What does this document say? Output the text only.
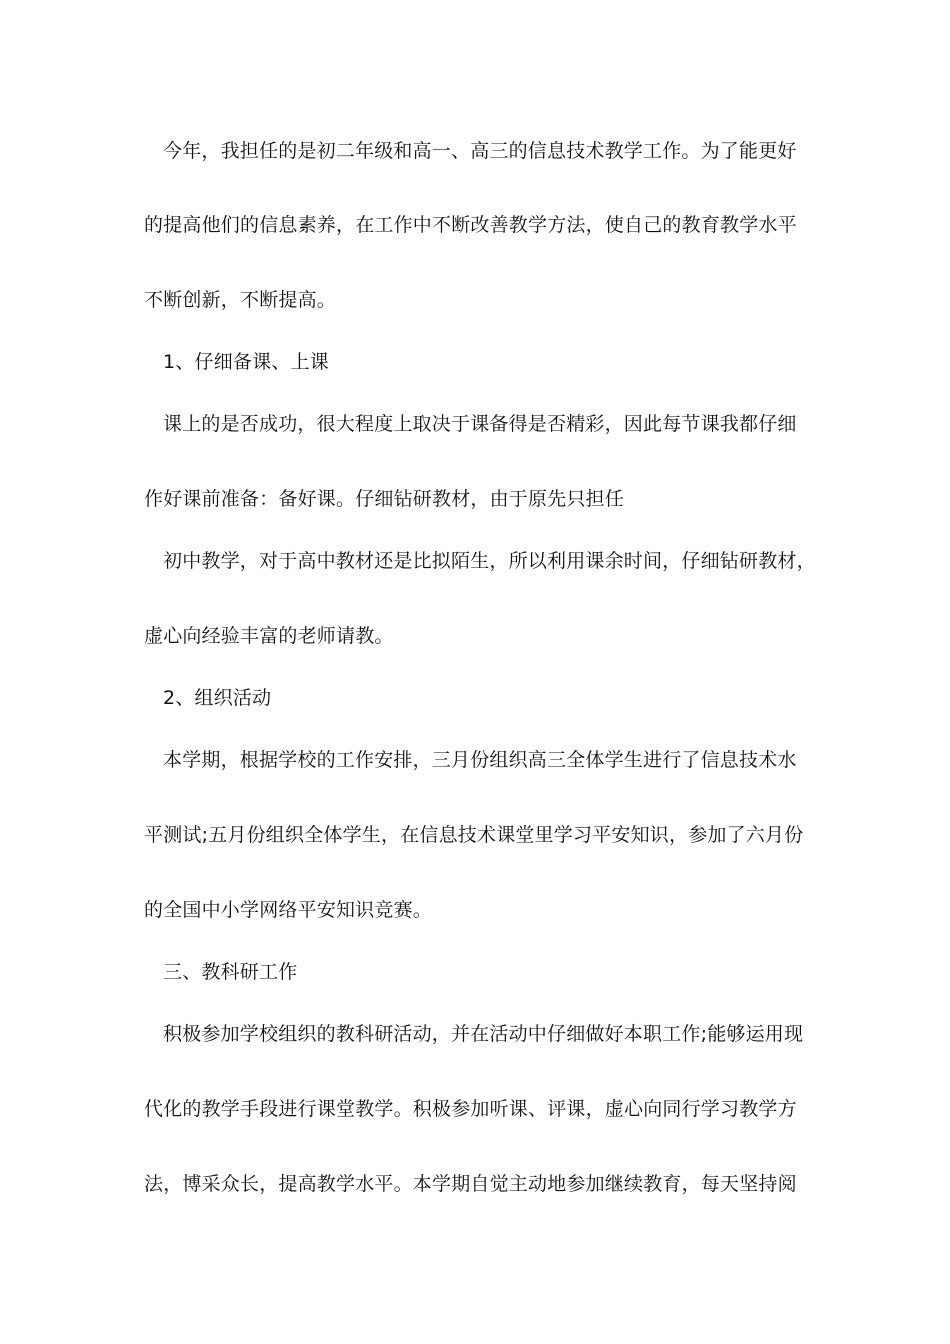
今年，我担任的是初二年级和高一、高三的信息技术教学工作。为了能更好
的提高他们的信息素养，在工作中不断改善教学方法，使自己的教育教学水平
不断创新，不断提高。
1、仔细备课、上课
课上的是否成功，很大程度上取决于课备得是否精彩，因此每节课我都仔细
作好课前准备：备好课。仔细钻研教材，由于原先只担任
初中教学，对于高中教材还是比拟陌生，所以利用课余时间，仔细钻研教材，
虚心向经验丰富的老师请教。
2、组织活动
本学期，根据学校的工作安排，三月份组织高三全体学生进行了信息技术水
平测试;五月份组织全体学生，在信息技术课堂里学习平安知识，参加了六月份
的全国中小学网络平安知识竞赛。
三、教科研工作
积极参加学校组织的教科研活动，并在活动中仔细做好本职工作;能够运用现
代化的教学手段进行课堂教学。积极参加听课、评课，虚心向同行学习教学方
法，博采众长，提高教学水平。本学期自觉主动地参加继续教育，每天坚持阅
